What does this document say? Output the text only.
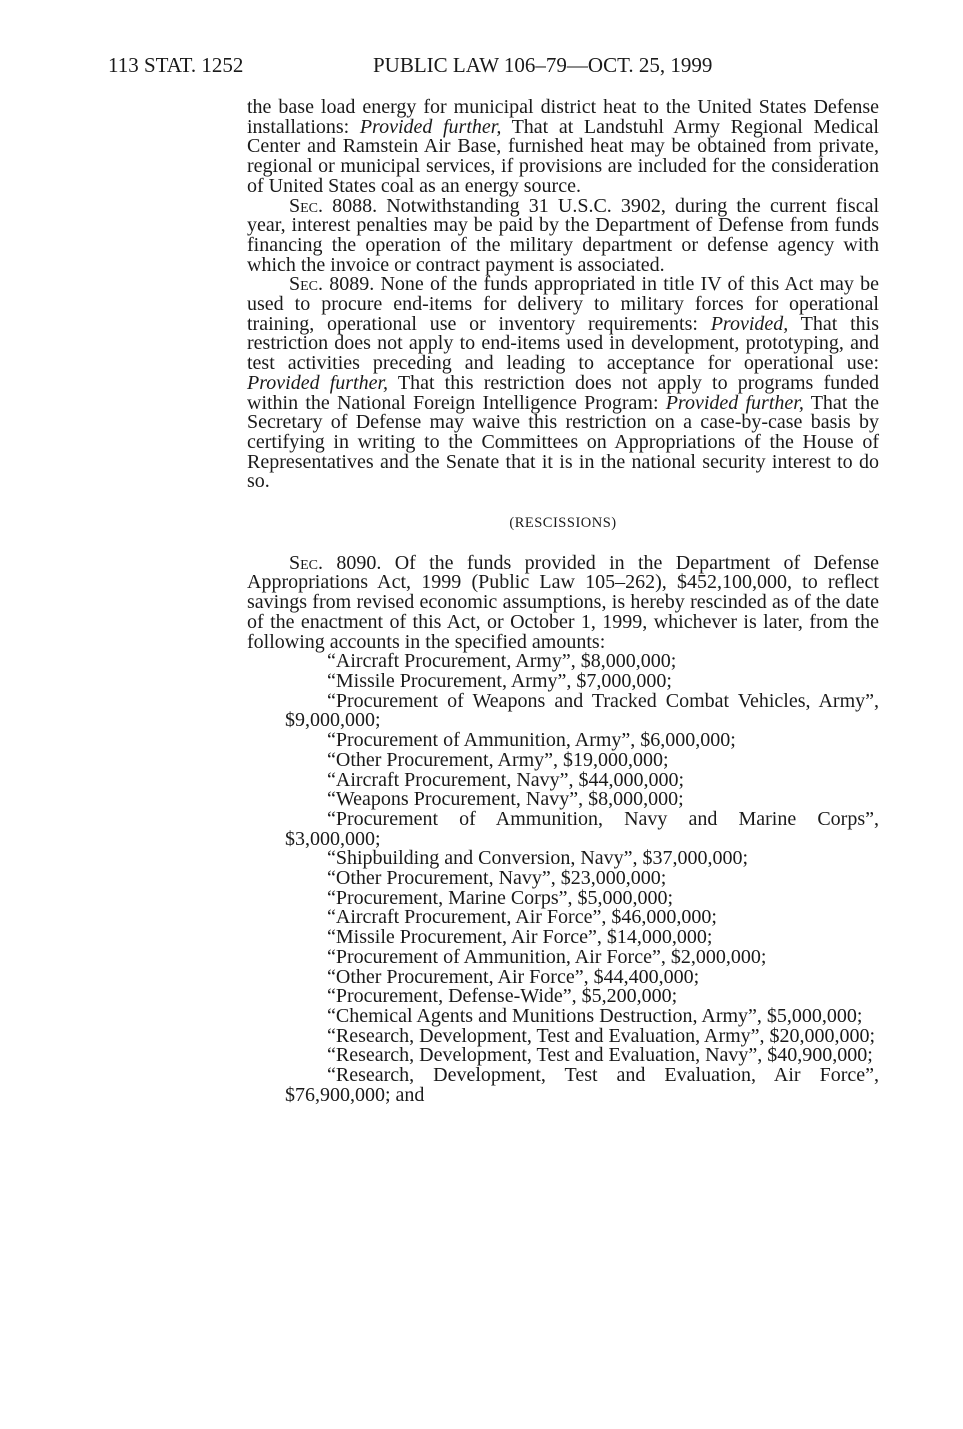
113 STAT. 1252	PUBLIC LAW 106–79—OCT. 25, 1999

the base load energy for municipal district heat to the United States Defense installations: Provided further, That at Landstuhl Army Regional Medical Center and Ramstein Air Base, furnished heat may be obtained from private, regional or municipal services, if provisions are included for the consideration of United States coal as an energy source.

Sec. 8088. Notwithstanding 31 U.S.C. 3902, during the current fiscal year, interest penalties may be paid by the Department of Defense from funds financing the operation of the military department or defense agency with which the invoice or contract payment is associated.

Sec. 8089. None of the funds appropriated in title IV of this Act may be used to procure end-items for delivery to military forces for operational training, operational use or inventory requirements: Provided, That this restriction does not apply to end-items used in development, prototyping, and test activities preceding and leading to acceptance for operational use: Provided further, That this restriction does not apply to programs funded within the National Foreign Intelligence Program: Provided further, That the Secretary of Defense may waive this restriction on a case-by-case basis by certifying in writing to the Committees on Appropriations of the House of Representatives and the Senate that it is in the national security interest to do so.

(RESCISSIONS)

Sec. 8090. Of the funds provided in the Department of Defense Appropriations Act, 1999 (Public Law 105–262), $452,100,000, to reflect savings from revised economic assumptions, is hereby rescinded as of the date of the enactment of this Act, or October 1, 1999, whichever is later, from the following accounts in the specified amounts:

“Aircraft Procurement, Army”, $8,000,000;

“Missile Procurement, Army”, $7,000,000;

“Procurement of Weapons and Tracked Combat Vehicles, Army”, $9,000,000;

“Procurement of Ammunition, Army”, $6,000,000;

“Other Procurement, Army”, $19,000,000;

“Aircraft Procurement, Navy”, $44,000,000;

“Weapons Procurement, Navy”, $8,000,000;

“Procurement of Ammunition, Navy and Marine Corps”, $3,000,000;

“Shipbuilding and Conversion, Navy”, $37,000,000;

“Other Procurement, Navy”, $23,000,000;

“Procurement, Marine Corps”, $5,000,000;

“Aircraft Procurement, Air Force”, $46,000,000;

“Missile Procurement, Air Force”, $14,000,000;

“Procurement of Ammunition, Air Force”, $2,000,000;

“Other Procurement, Air Force”, $44,400,000;

“Procurement, Defense-Wide”, $5,200,000;

“Chemical Agents and Munitions Destruction, Army”, $5,000,000;

“Research, Development, Test and Evaluation, Army”, $20,000,000;

“Research, Development, Test and Evaluation, Navy”, $40,900,000;

“Research, Development, Test and Evaluation, Air Force”, $76,900,000; and
